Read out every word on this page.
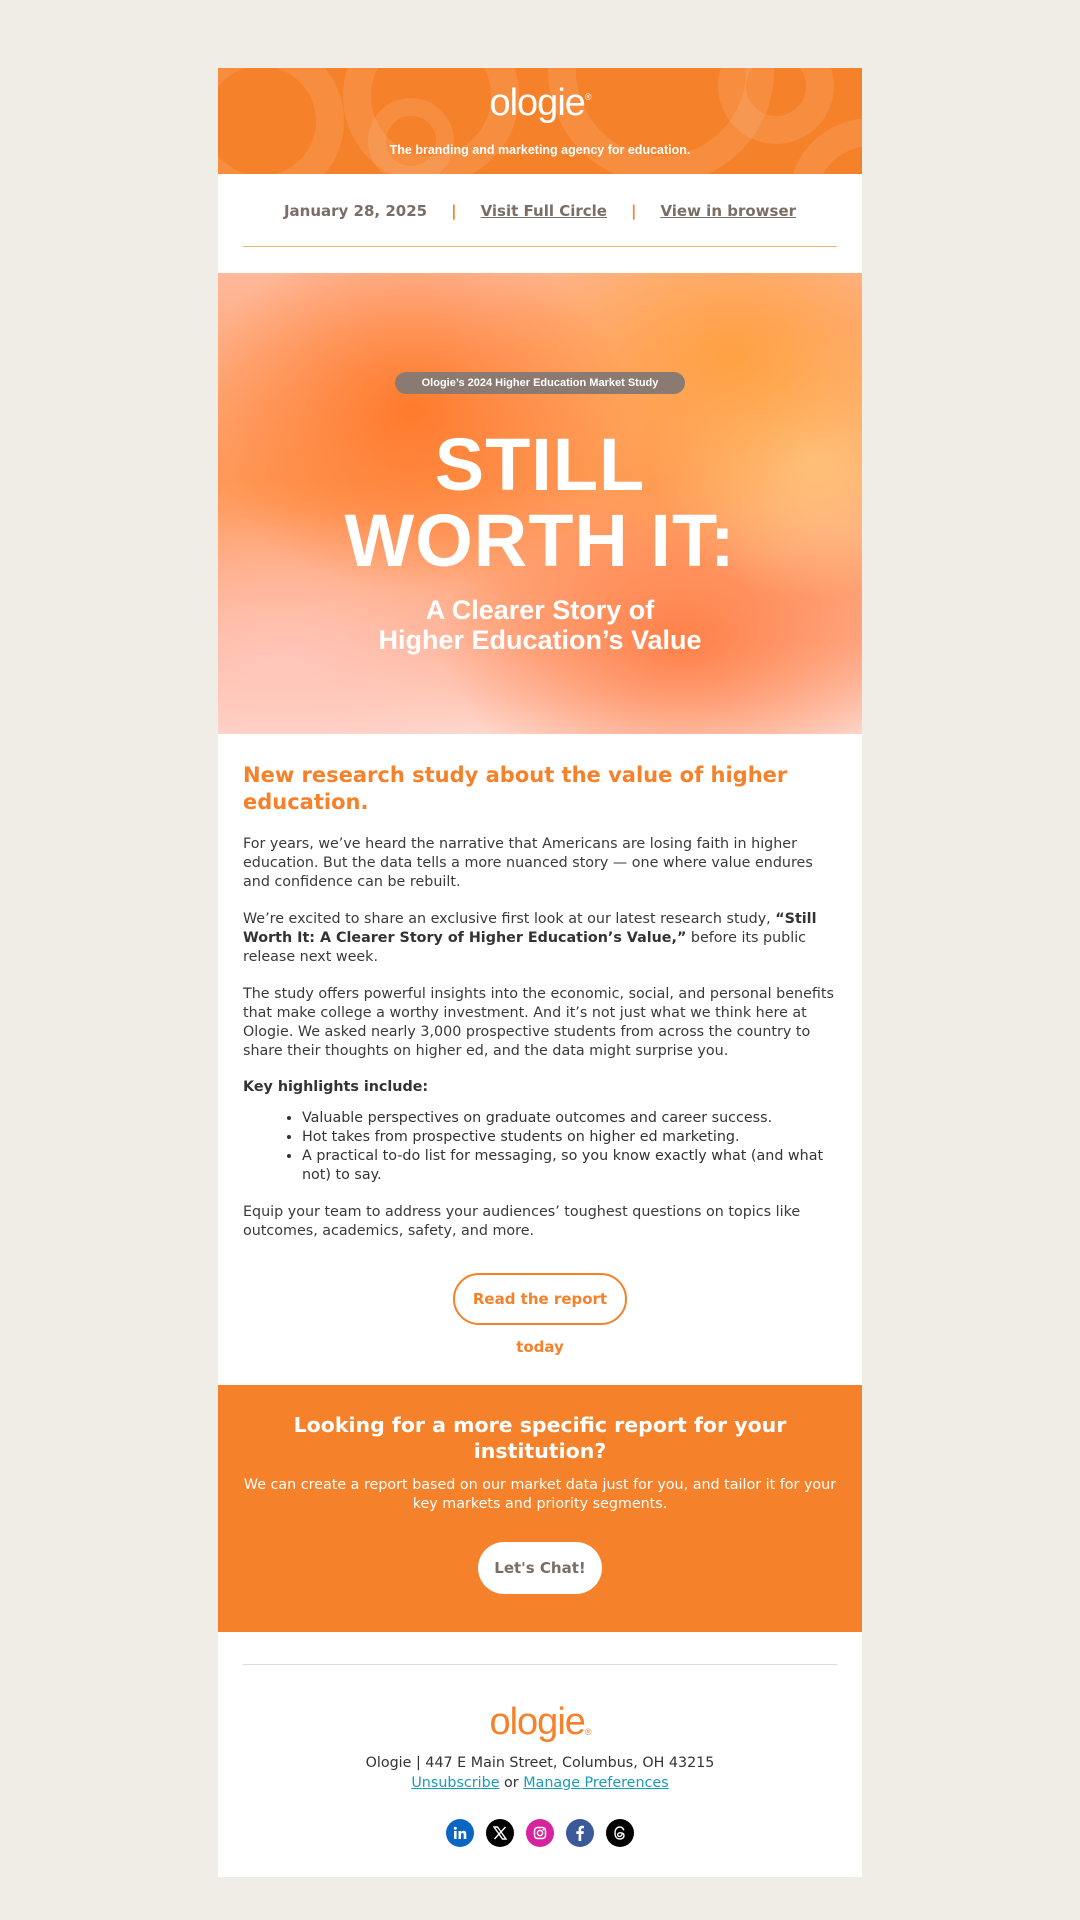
ologie®
The branding and marketing agency for education.
January 28, 2025 | Visit Full Circle | View in browser
Ologie’s 2024 Higher Education Market Study
STILL
WORTH IT:
A Clearer Story of
Higher Education’s Value
New research study about the value of higher education.

For years, we’ve heard the narrative that Americans are losing faith in higher education. But the data tells a more nuanced story — one where value endures and confidence can be rebuilt.

We’re excited to share an exclusive first look at our latest research study, “Still Worth It: A Clearer Story of Higher Education’s Value,” before its public release next week.

The study offers powerful insights into the economic, social, and personal benefits that make college a worthy investment. And it’s not just what we think here at Ologie. We asked nearly 3,000 prospective students from across the country to share their thoughts on higher ed, and the data might surprise you.

Key highlights include:
• Valuable perspectives on graduate outcomes and career success.
• Hot takes from prospective students on higher ed marketing.
• A practical to-do list for messaging, so you know exactly what (and what not) to say.

Equip your team to address your audiences’ toughest questions on topics like outcomes, academics, safety, and more.

Read the report today
Looking for a more specific report for your institution?
We can create a report based on our market data just for you, and tailor it for your key markets and priority segments.
Let's Chat!
ologie®
Ologie | 447 E Main Street, Columbus, OH 43215
Unsubscribe or Manage Preferences
